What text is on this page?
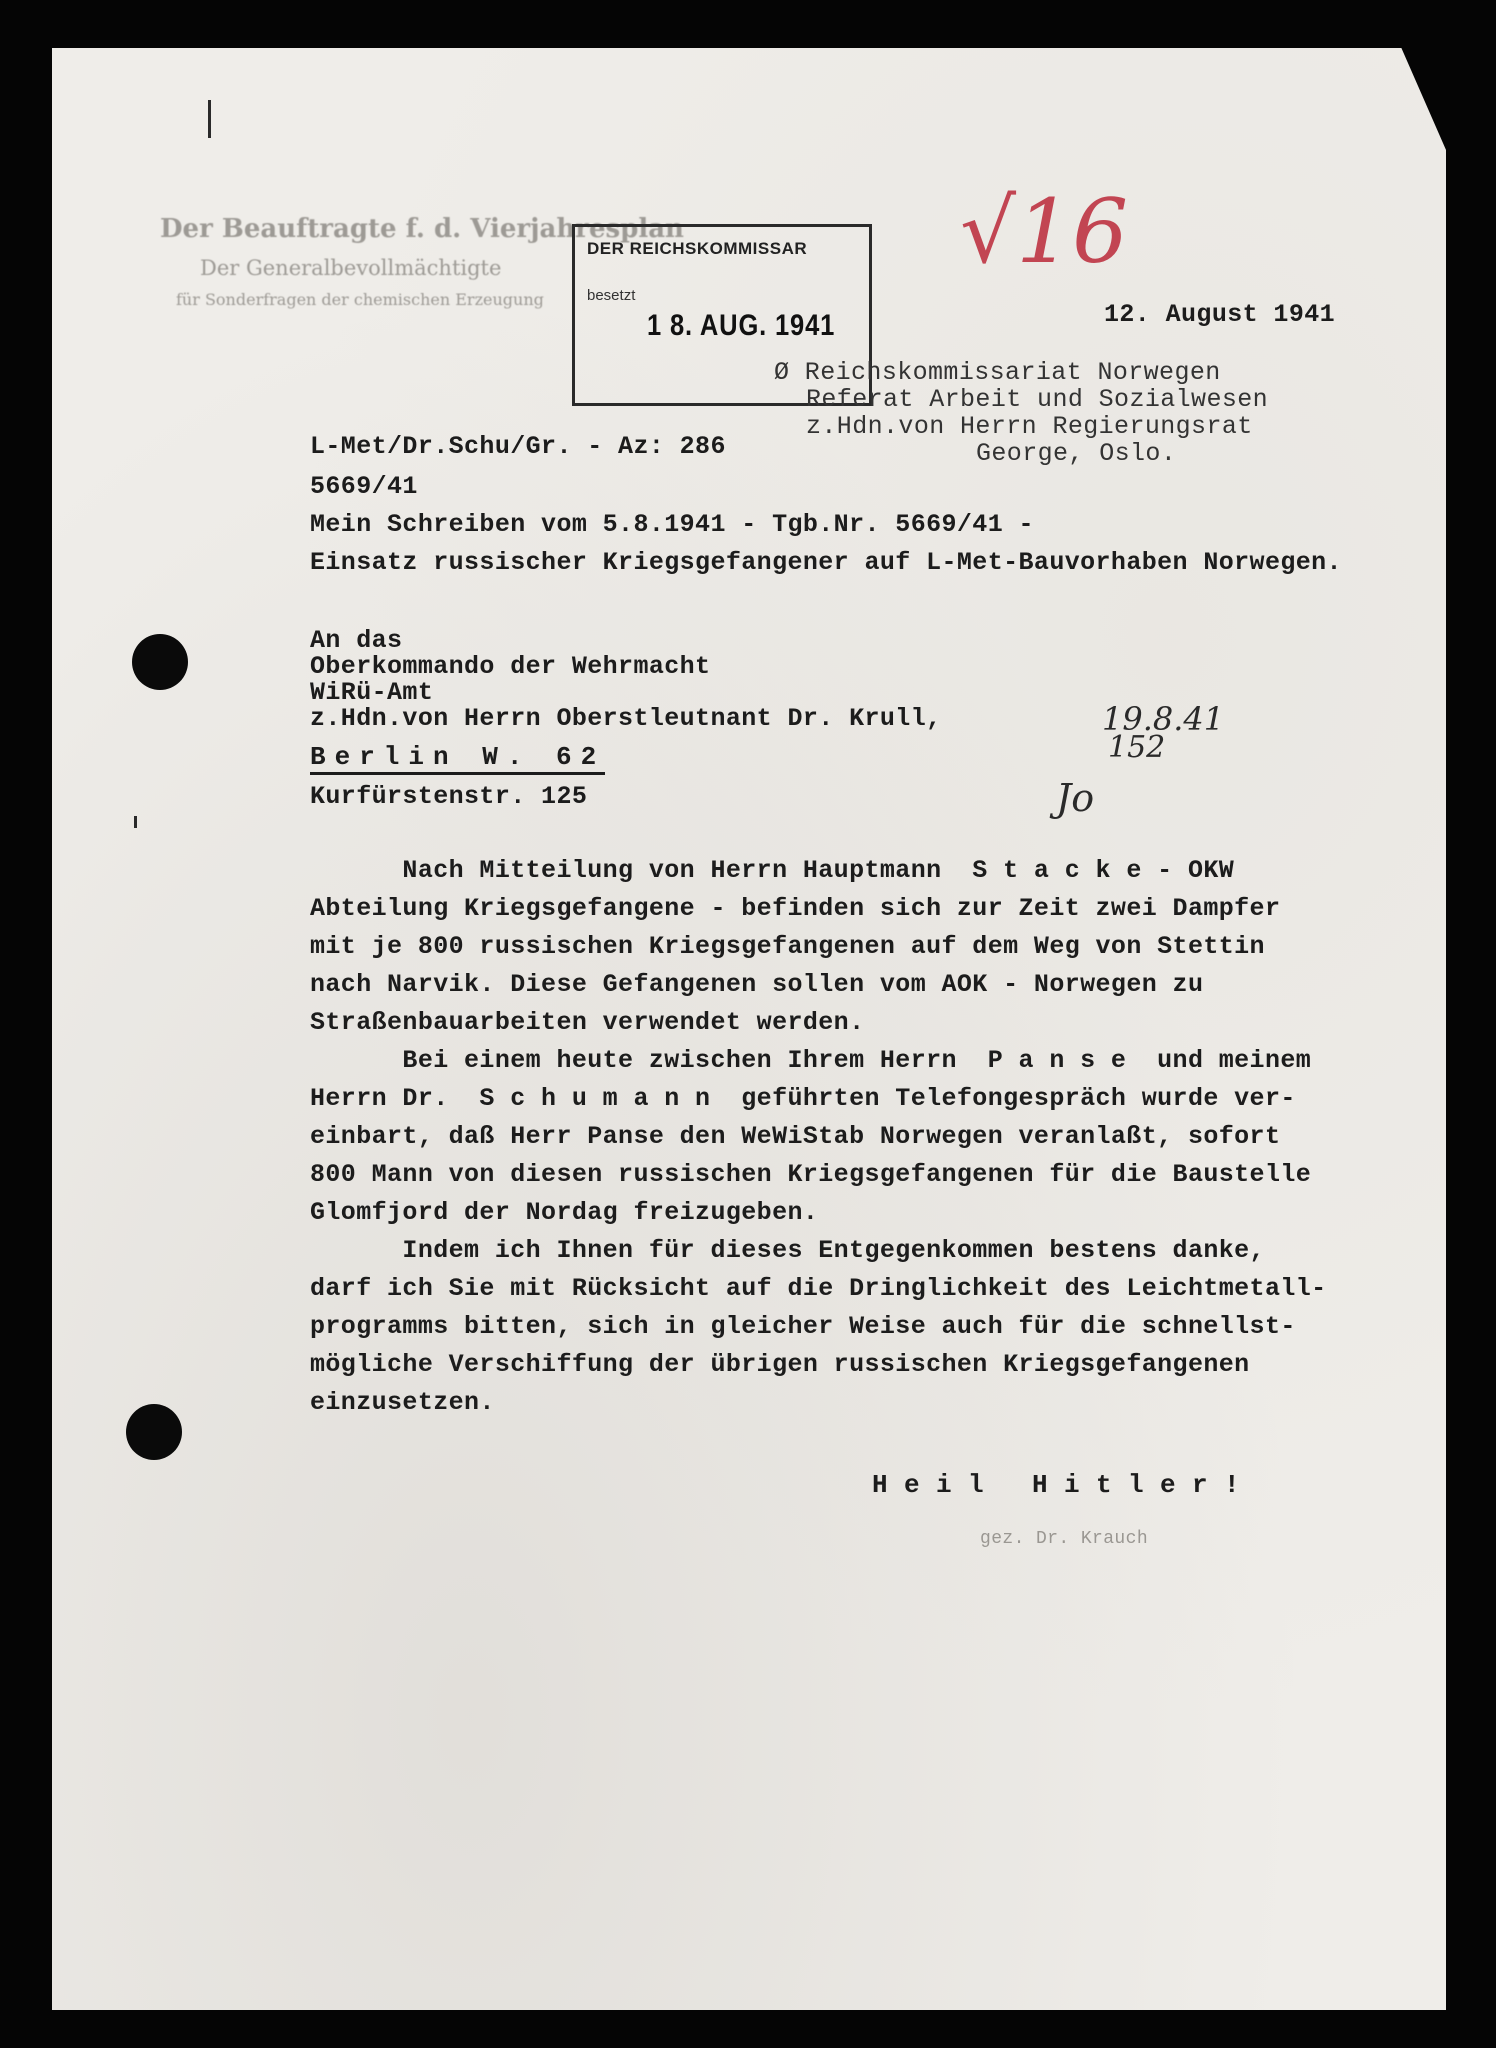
Der Beauftragte f. d. Vierjahresplan
Der Generalbevollmächtigte
für Sonderfragen der chemischen Erzeugung
DER REICHSKOMMISSAR
besetzt
1 8. AUG. 1941
√16
12. August 1941
Ø Reichskommissariat Norwegen
Referat Arbeit und Sozialwesen
z.Hdn.von Herrn Regierungsrat
George, Oslo.
L-Met/Dr.Schu/Gr. - Az: 286
5669/41
Mein Schreiben vom 5.8.1941 - Tgb.Nr. 5669/41 -
Einsatz russischer Kriegsgefangener auf L-Met-Bauvorhaben Norwegen.
An das
Oberkommando der Wehrmacht
WiRü-Amt
z.Hdn.von Herrn Oberstleutnant Dr. Krull,
Berlin W. 62
Kurfürstenstr. 125
19.8.41
152
Jo
Nach Mitteilung von Herrn Hauptmann  S t a c k e - OKW
Abteilung Kriegsgefangene - befinden sich zur Zeit zwei Dampfer
mit je 800 russischen Kriegsgefangenen auf dem Weg von Stettin
nach Narvik. Diese Gefangenen sollen vom AOK - Norwegen zu
Straßenbauarbeiten verwendet werden.
Bei einem heute zwischen Ihrem Herrn  P a n s e  und meinem
Herrn Dr.  S c h u m a n n  geführten Telefongespräch wurde ver-
einbart, daß Herr Panse den WeWiStab Norwegen veranlaßt, sofort
800 Mann von diesen russischen Kriegsgefangenen für die Baustelle
Glomfjord der Nordag freizugeben.
Indem ich Ihnen für dieses Entgegenkommen bestens danke,
darf ich Sie mit Rücksicht auf die Dringlichkeit des Leichtmetall-
programms bitten, sich in gleicher Weise auch für die schnellst-
mögliche Verschiffung der übrigen russischen Kriegsgefangenen
einzusetzen.
H e i l   H i t l e r !
gez. Dr. Krauch
